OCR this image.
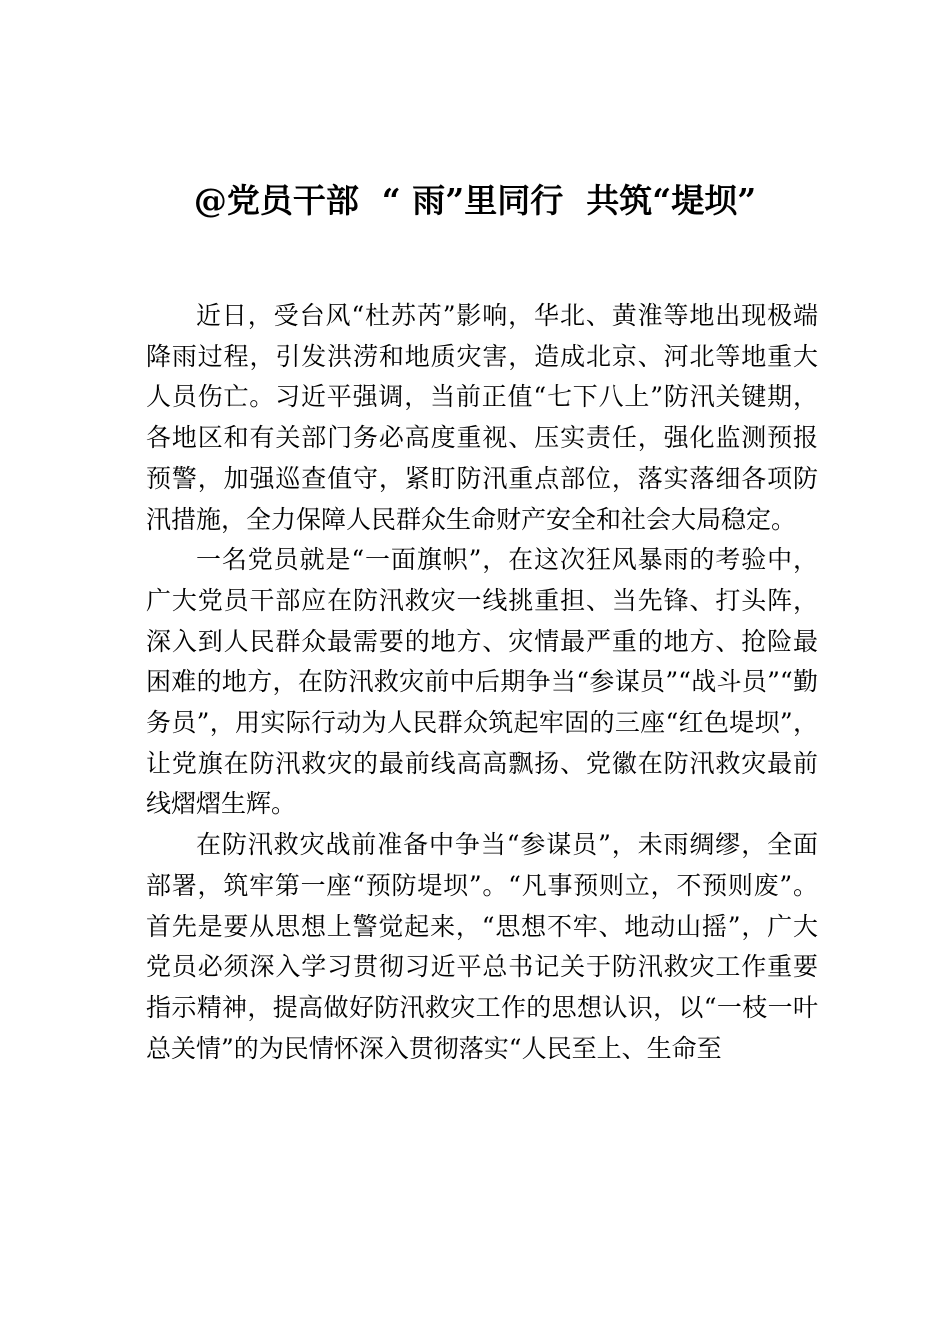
@党员干部  “ 雨”里同行  共筑“堤坝”

近日，受台风“杜苏芮”影响，华北、黄淮等地出现极端降雨过程，引发洪涝和地质灾害，造成北京、河北等地重大人员伤亡。习近平强调，当前正值“七下八上”防汛关键期，各地区和有关部门务必高度重视、压实责任，强化监测预报预警，加强巡查值守，紧盯防汛重点部位，落实落细各项防汛措施，全力保障人民群众生命财产安全和社会大局稳定。

一名党员就是“一面旗帜”，在这次狂风暴雨的考验中，广大党员干部应在防汛救灾一线挑重担、当先锋、打头阵， 深入到人民群众最需要的地方、灾情最严重的地方、抢险最困难的地方，在防汛救灾前中后期争当“参谋员”“战斗员”“勤务员”，用实际行动为人民群众筑起牢固的三座“红色堤坝”，让党旗在防汛救灾的最前线高高飘扬、党徽在防汛救灾最前线熠熠生辉。

在防汛救灾战前准备中争当“参谋员”，未雨绸缪，全面部署，筑牢第一座“预防堤坝”。“凡事预则立，不预则废”。首先是要从思想上警觉起来，“思想不牢、地动山摇”，广大党员必须深入学习贯彻习近平总书记关于防汛救灾工作重要指示精神，提高做好防汛救灾工作的思想认识，以“一枝一叶总关情”的为民情怀深入贯彻落实“人民至上、生命至
